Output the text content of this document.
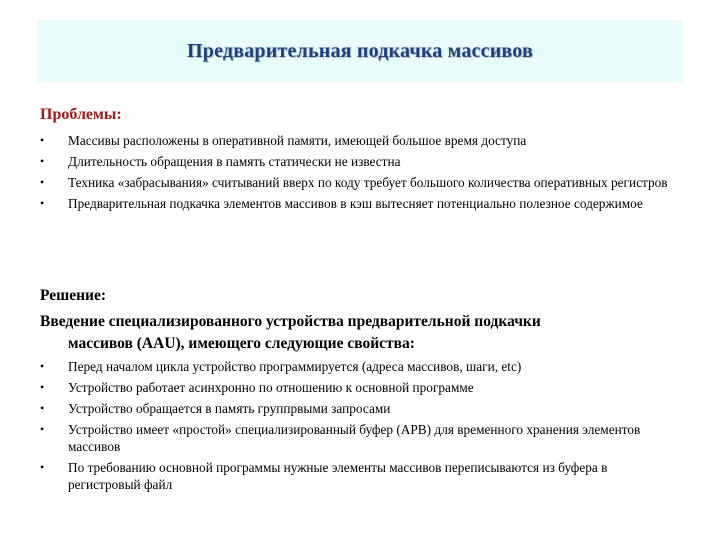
Предварительная подкачка массивов
Проблемы:
•	Массивы расположены в оперативной памяти, имеющей большое время доступа
•	Длительность обращения в память статически не известна
•	Техника «забрасывания» считываний вверх по коду требует большого количества оперативных регистров
•	Предварительная подкачка элементов массивов в кэш вытесняет потенциально полезное содержимое
Решение:
Введение специализированного устройства предварительной подкачки
массивов (AAU), имеющего следующие свойства:
•	Перед началом цикла устройство программируется (адреса массивов, шаги, etc)
•	Устройство работает асинхронно по отношению к основной программе
•	Устройство обращается в память группрвыми запросами
•	Устройство имеет «простой» специализированный буфер (APB) для временного хранения элементов массивов
•	По требованию основной программы нужные элементы массивов переписываются из буфера в регистровый файл
